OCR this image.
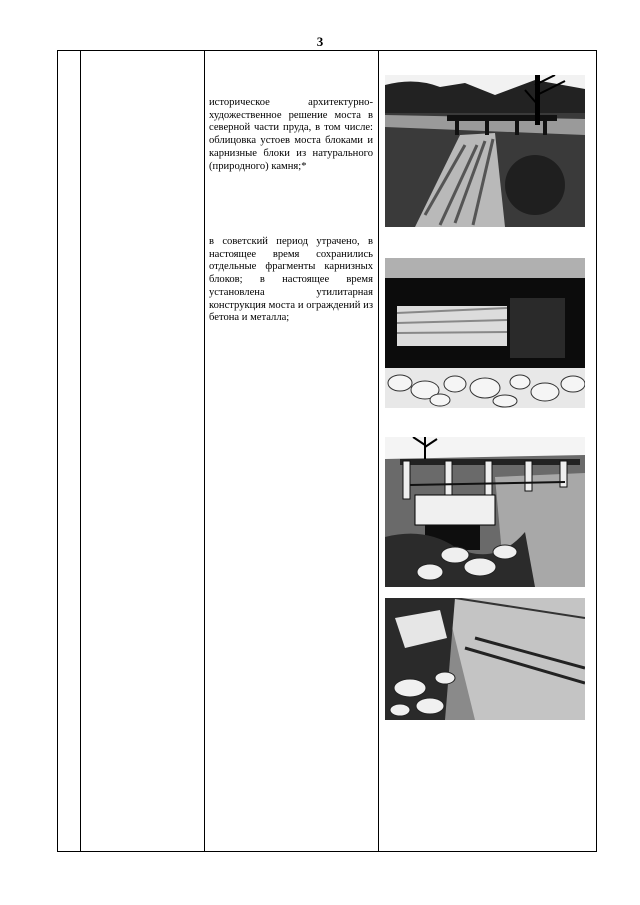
3

историческое архитектурно-художественное решение моста в северной части пруда, в том числе: облицовка устоев моста блоками и карнизные блоки из натурального (природного) камня;*

в советский период утрачено, в настоящее время сохранились отдельные фрагменты карнизных блоков; в настоящее время установлена утилитарная конструкция моста и ограждений из бетона и металла;
